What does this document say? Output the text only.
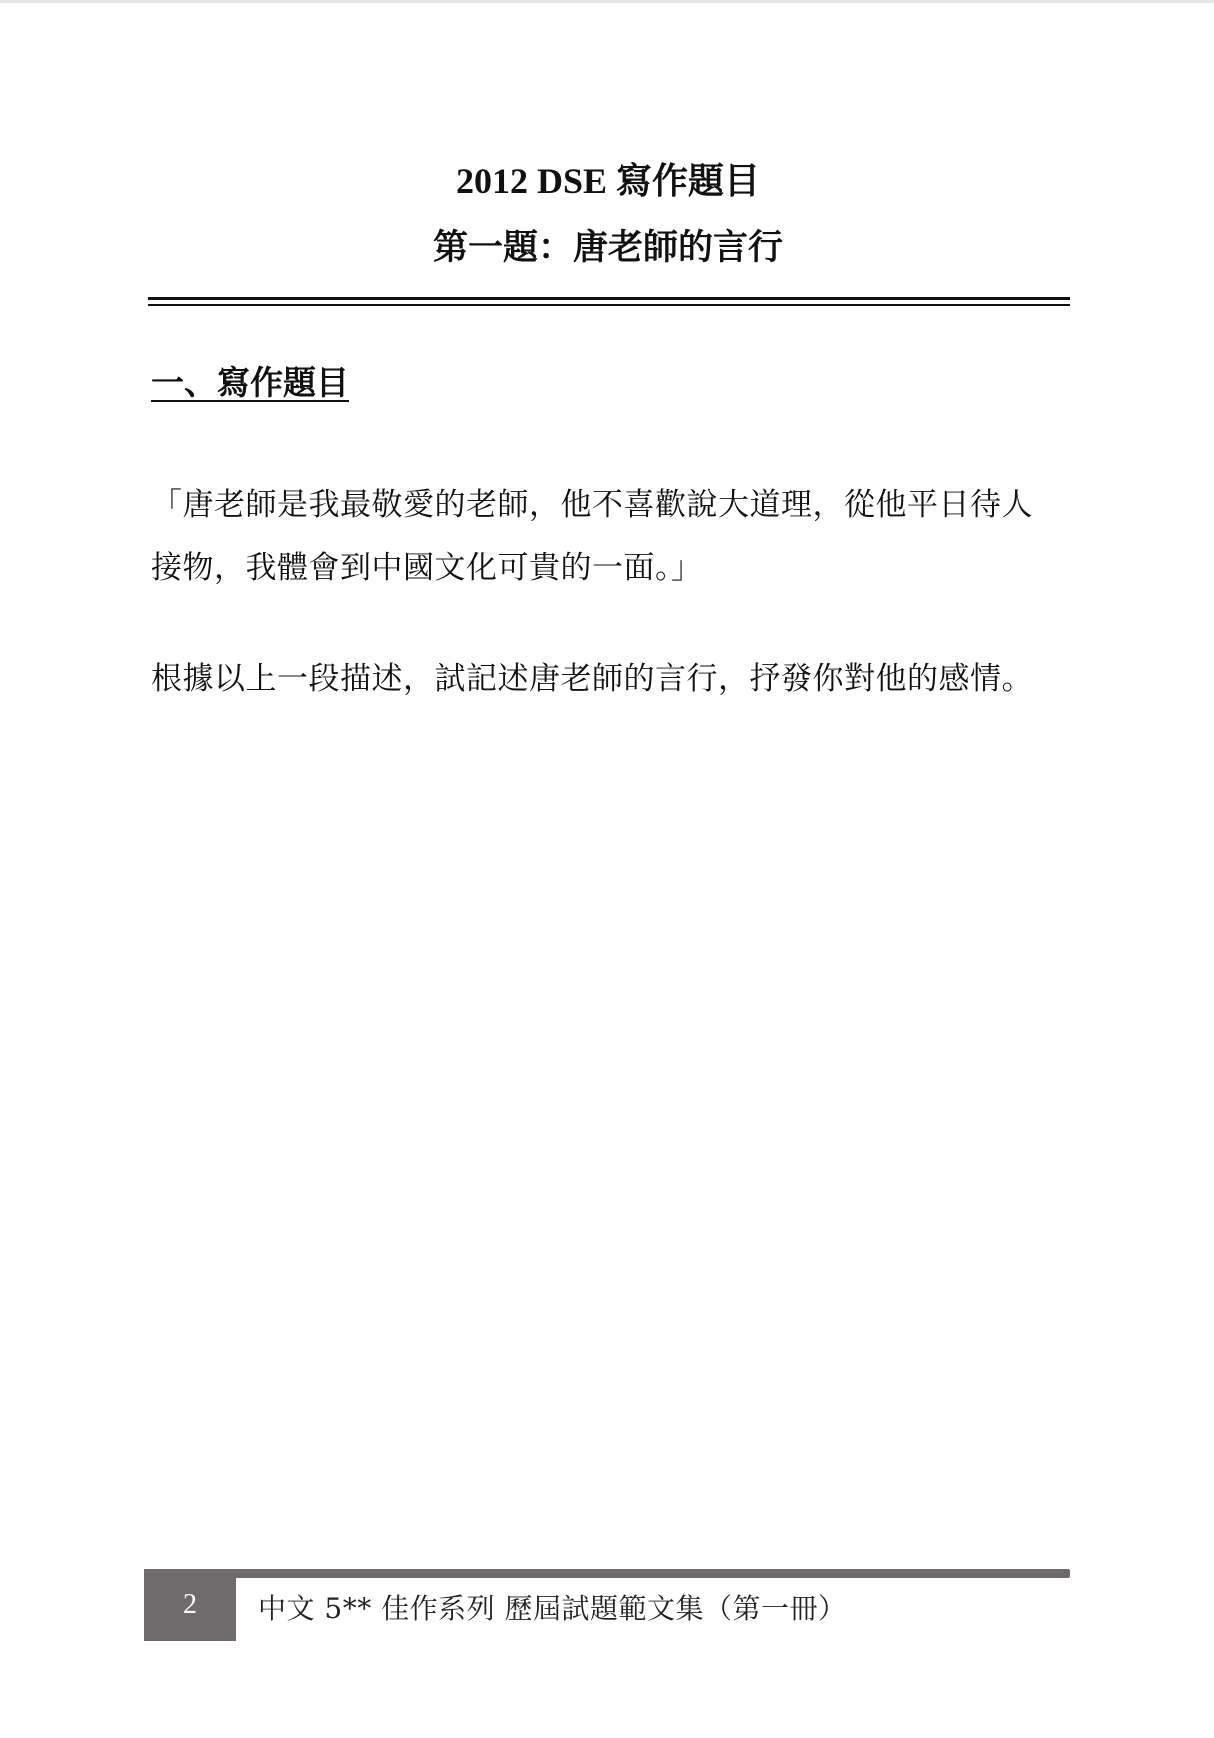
2012 DSE 寫作題目
第一題：唐老師的言行
一、寫作題目
「唐老師是我最敬愛的老師，他不喜歡說大道理，從他平日待人
接物，我體會到中國文化可貴的一面。」
根據以上一段描述，試記述唐老師的言行，抒發你對他的感情。
2	中文 5** 佳作系列 歷屆試題範文集（第一冊）
